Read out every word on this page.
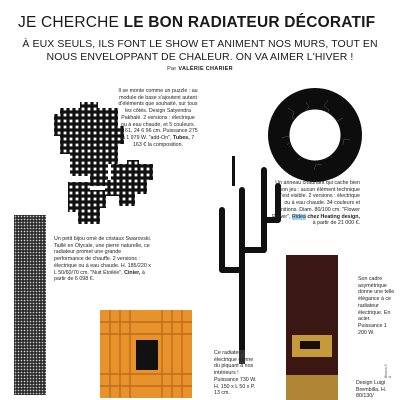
JE CHERCHE LE BON RADIATEUR DÉCORATIF
À EUX SEULS, ILS FONT LE SHOW ET ANIMENT NOS MURS, TOUT EN NOUS ENVELOPPANT DE CHALEUR. ON VA AIMER L'HIVER !
Par VALÉRIE CHARIER
Il se monte comme un puzzle : au module de base s'ajoutent autant d'éléments que souhaité, sur tous les côtés. Design Satyendra Pakhalé. 2 versions : électrique ou à eau chaude, et 5 couleurs. H. 61, 24 6 96 cm. Puissance 275 à 1 979 W. "add-On", Tubes, 7 163 € la composition.
Un anneau chauffant qui cache bien son jeu : aucun élément technique n'est visible. 2 versions : électrique ou à eau chaude. 34 couleurs et finitions. Diam. 80/100 cm. "Flower Power", Ridea chez Heating design, à partir de 21 000 €.
Un petit bijou orné de cristaux Swarovski. Taillé en Olycale, une pierre naturelle, ce radiateur promet une grande performance de chauffe. 2 versions : électrique ou à eau chaude. H. 185/220 x L 50/60/70 cm. "Nuit Étoilée", Cinier, à partir de 6 098 €.
Ce radiateur électrique donne du piquant à nos intérieurs ! Puissance 730 W. H. 150 x L 50 x P. 13 cm.
Son cadre asymétrique donne une telle élégance à ce radiateur électrique. En acier. Puissance 1 200 W.
Design Luigi Brembilla. H. 80/130/
Blanca 5 &
